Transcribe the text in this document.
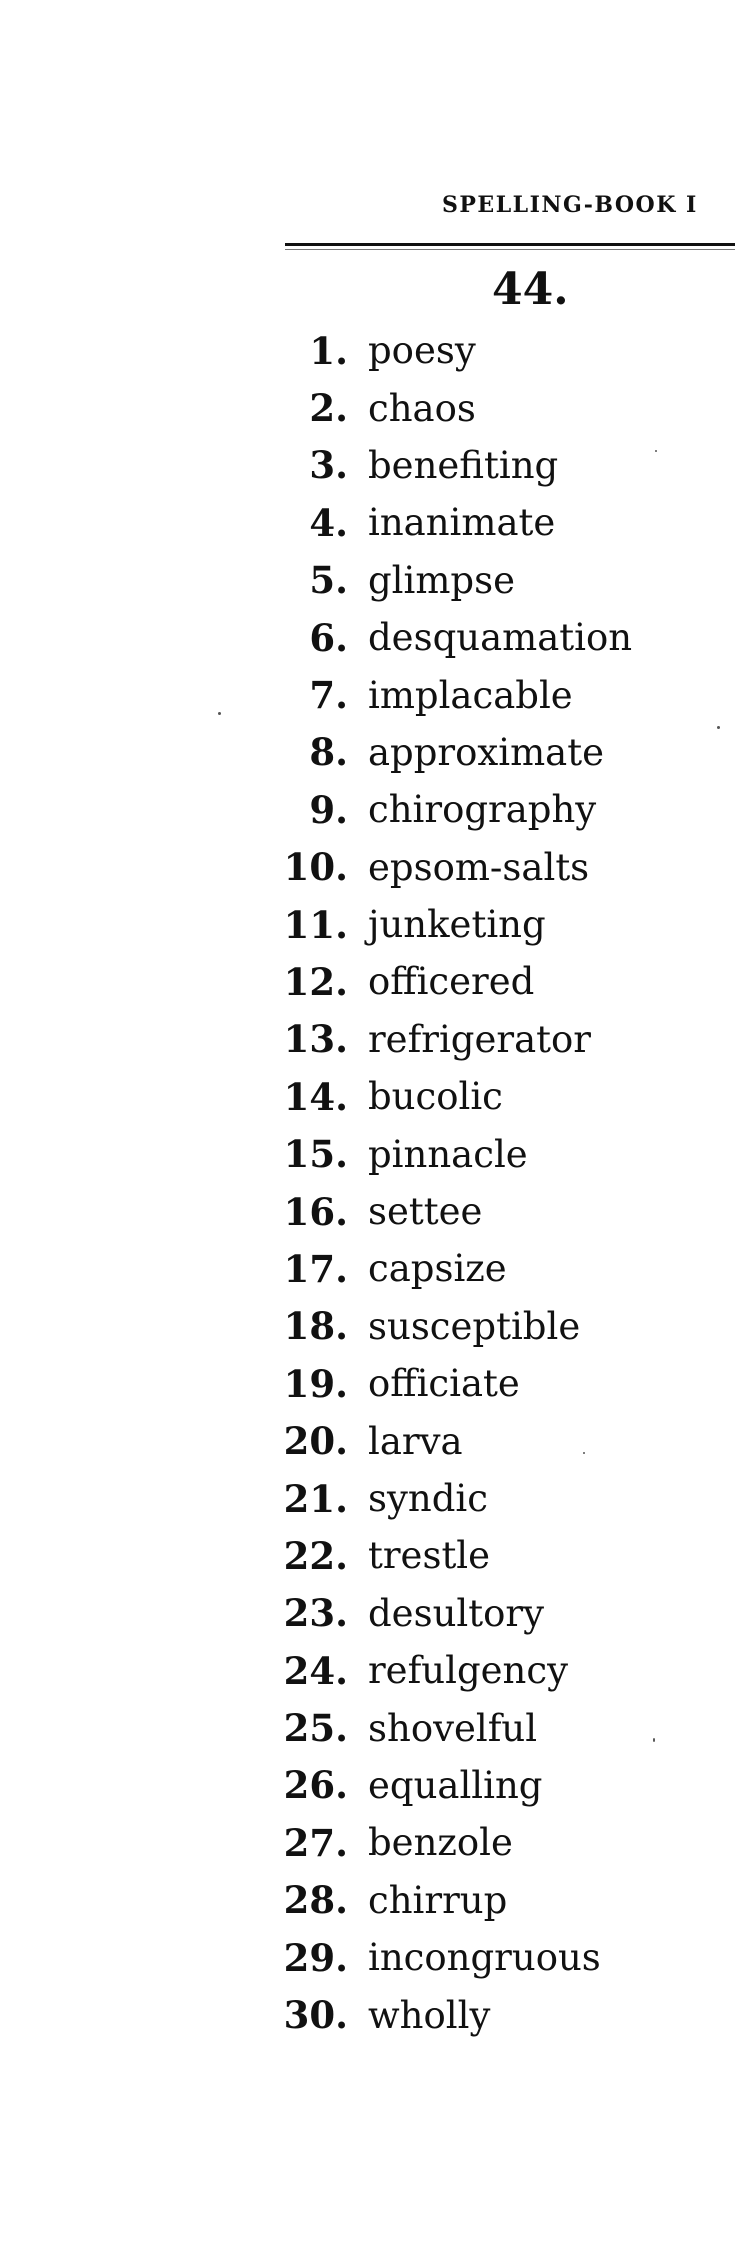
SPELLING-BOOK I
44.
1. poesy
2. chaos
3. benefiting
4. inanimate
5. glimpse
6. desquamation
7. implacable
8. approximate
9. chirography
10. epsom-salts
11. junketing
12. officered
13. refrigerator
14. bucolic
15. pinnacle
16. settee
17. capsize
18. susceptible
19. officiate
20. larva
21. syndic
22. trestle
23. desultory
24. refulgency
25. shovelful
26. equalling
27. benzole
28. chirrup
29. incongruous
30. wholly
